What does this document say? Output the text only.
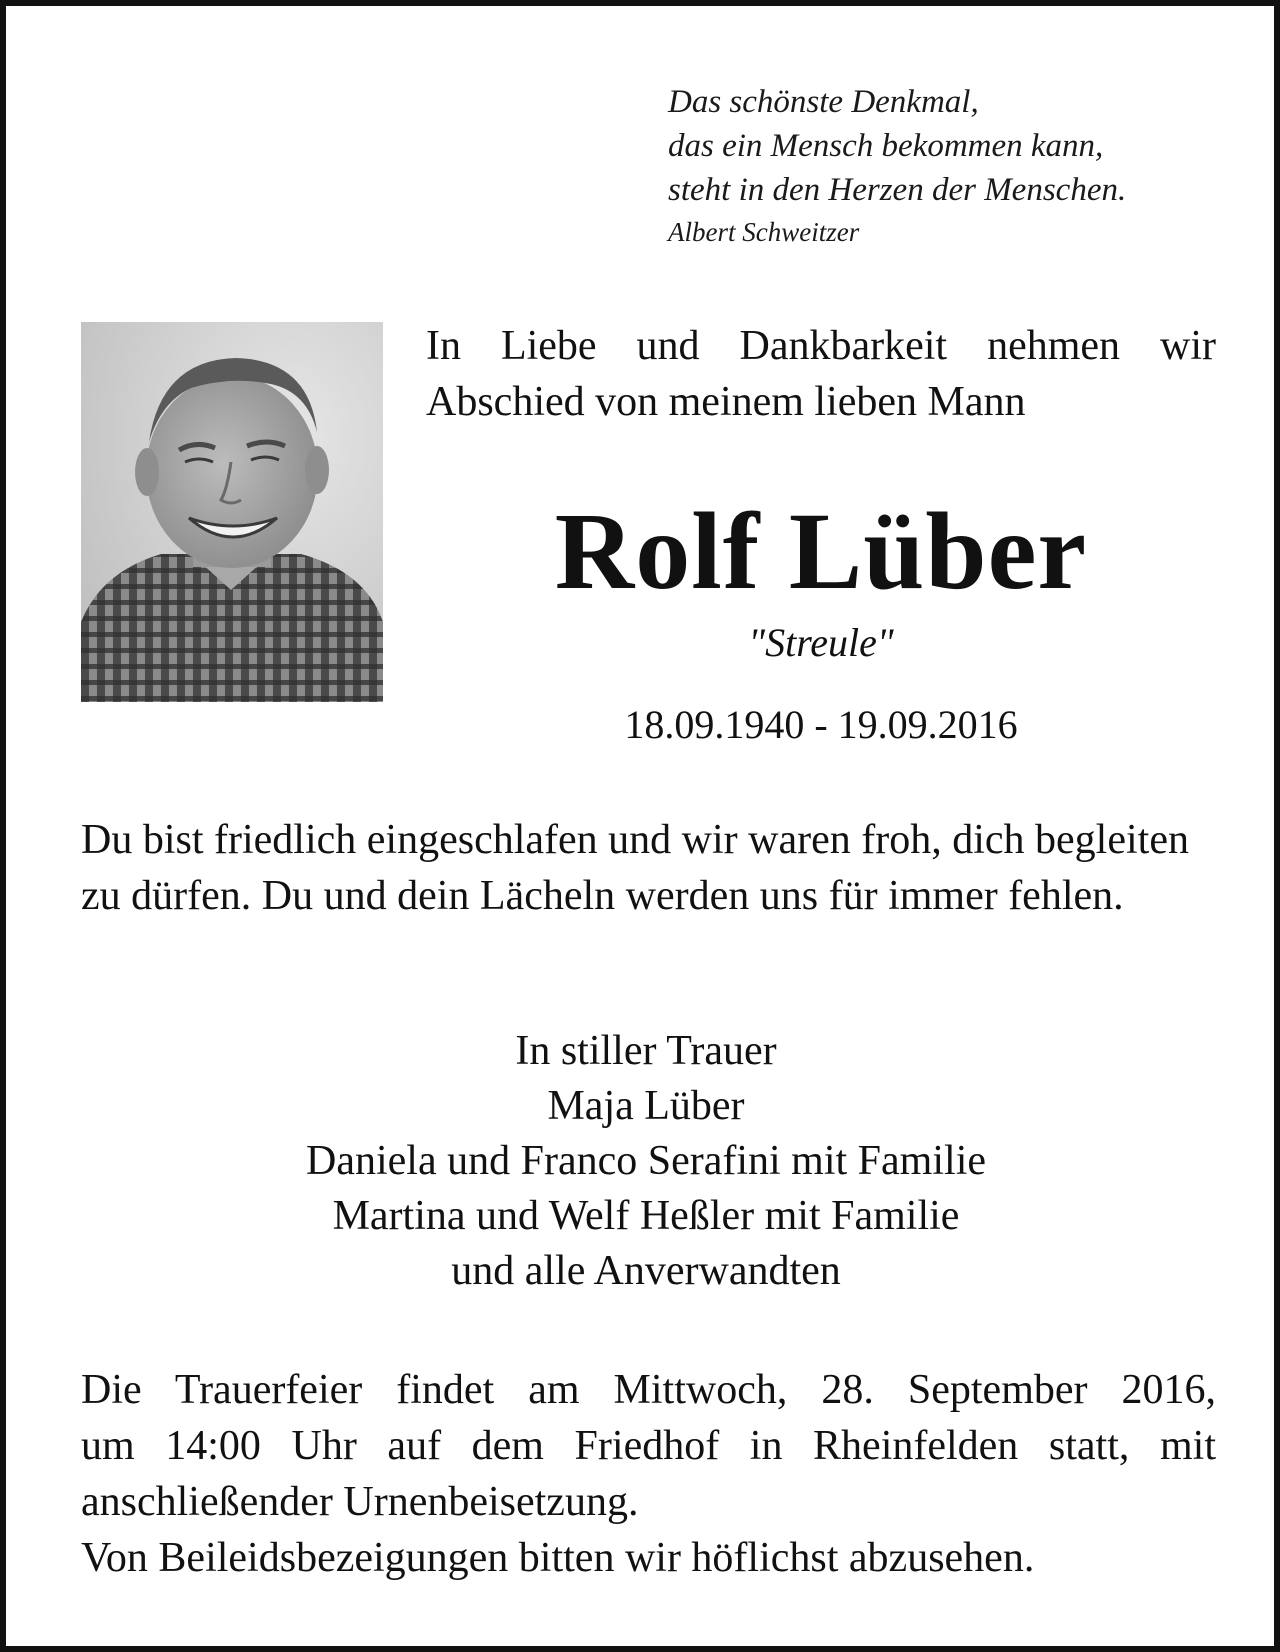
Das schönste Denkmal,
das ein Mensch bekommen kann,
steht in den Herzen der Menschen.
Albert Schweitzer
In Liebe und Dankbarkeit nehmen wir
Abschied von meinem lieben Mann
Rolf Lüber
"Streule"
18.09.1940 - 19.09.2016
Du bist friedlich eingeschlafen und wir waren froh, dich begleiten zu dürfen. Du und dein Lächeln werden uns für immer fehlen.
In stiller Trauer
Maja Lüber
Daniela und Franco Serafini mit Familie
Martina und Welf Heßler mit Familie
und alle Anverwandten
Die Trauerfeier findet am Mittwoch, 28. September 2016,
um 14:00 Uhr auf dem Friedhof in Rheinfelden statt, mit
anschließender Urnenbeisetzung.
Von Beileidsbezeigungen bitten wir höflichst abzusehen.
